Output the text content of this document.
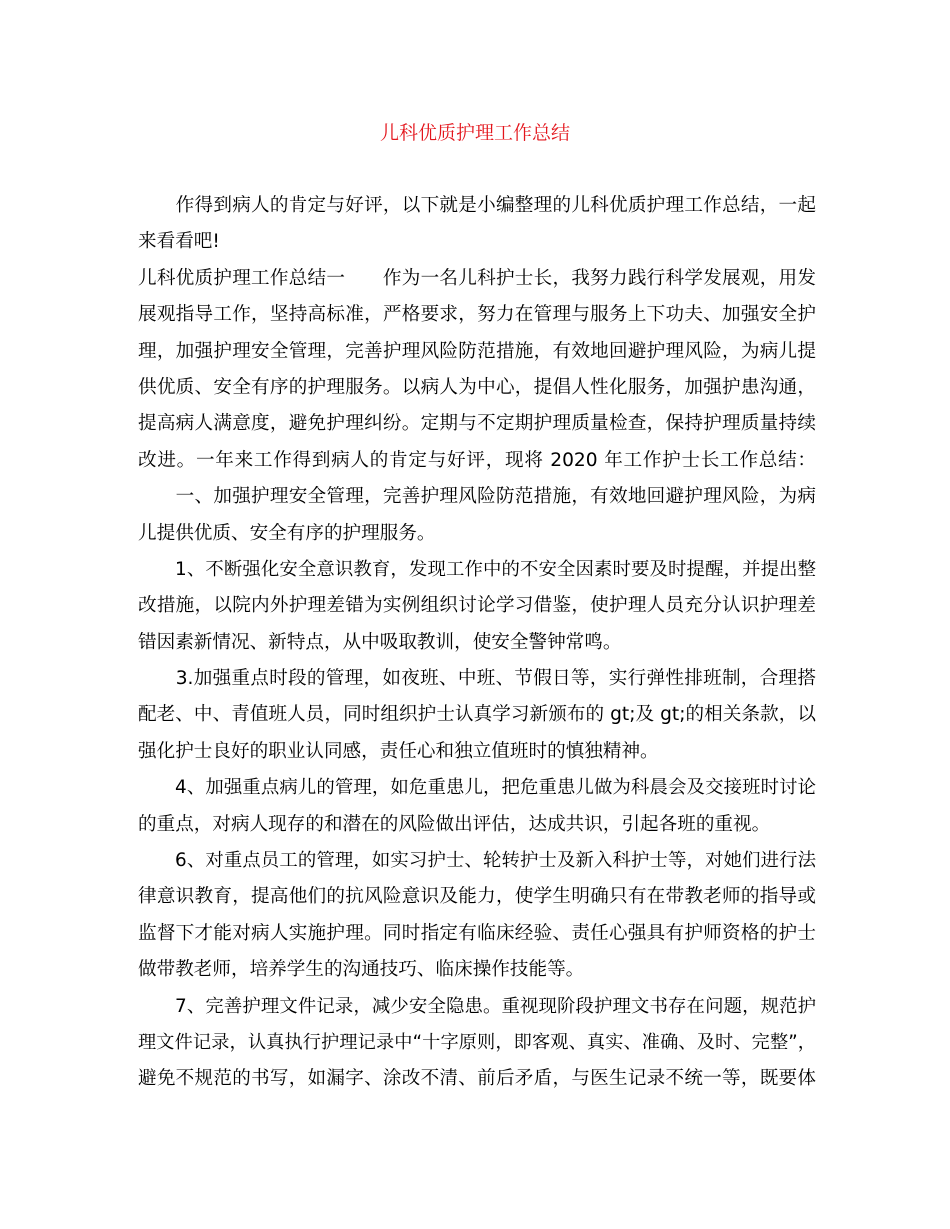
儿科优质护理工作总结
　　作得到病人的肯定与好评，以下就是小编整理的儿科优质护理工作总结，一起
来看看吧!
儿科优质护理工作总结一　　作为一名儿科护士长，我努力践行科学发展观，用发
展观指导工作，坚持高标准，严格要求，努力在管理与服务上下功夫、加强安全护
理，加强护理安全管理，完善护理风险防范措施，有效地回避护理风险，为病儿提
供优质、安全有序的护理服务。以病人为中心，提倡人性化服务，加强护患沟通，
提高病人满意度，避免护理纠纷。定期与不定期护理质量检查，保持护理质量持续
改进。一年来工作得到病人的肯定与好评，现将 2020 年工作护士长工作总结：
　　一、加强护理安全管理，完善护理风险防范措施，有效地回避护理风险，为病
儿提供优质、安全有序的护理服务。
　　1、不断强化安全意识教育，发现工作中的不安全因素时要及时提醒，并提出整
改措施，以院内外护理差错为实例组织讨论学习借鉴，使护理人员充分认识护理差
错因素新情况、新特点，从中吸取教训，使安全警钟常鸣。
　　3.加强重点时段的管理，如夜班、中班、节假日等，实行弹性排班制，合理搭
配老、中、青值班人员，同时组织护士认真学习新颁布的 gt;及 gt;的相关条款，以
强化护士良好的职业认同感，责任心和独立值班时的慎独精神。
　　4、加强重点病儿的管理，如危重患儿，把危重患儿做为科晨会及交接班时讨论
的重点，对病人现存的和潜在的风险做出评估，达成共识，引起各班的重视。
　　6、对重点员工的管理，如实习护士、轮转护士及新入科护士等，对她们进行法
律意识教育，提高他们的抗风险意识及能力，使学生明确只有在带教老师的指导或
监督下才能对病人实施护理。同时指定有临床经验、责任心强具有护师资格的护士
做带教老师，培养学生的沟通技巧、临床操作技能等。
　　7、完善护理文件记录，减少安全隐患。重视现阶段护理文书存在问题，规范护
理文件记录，认真执行护理记录中“十字原则，即客观、真实、准确、及时、完整”，
避免不规范的书写，如漏字、涂改不清、前后矛盾，与医生记录不统一等，既要体
